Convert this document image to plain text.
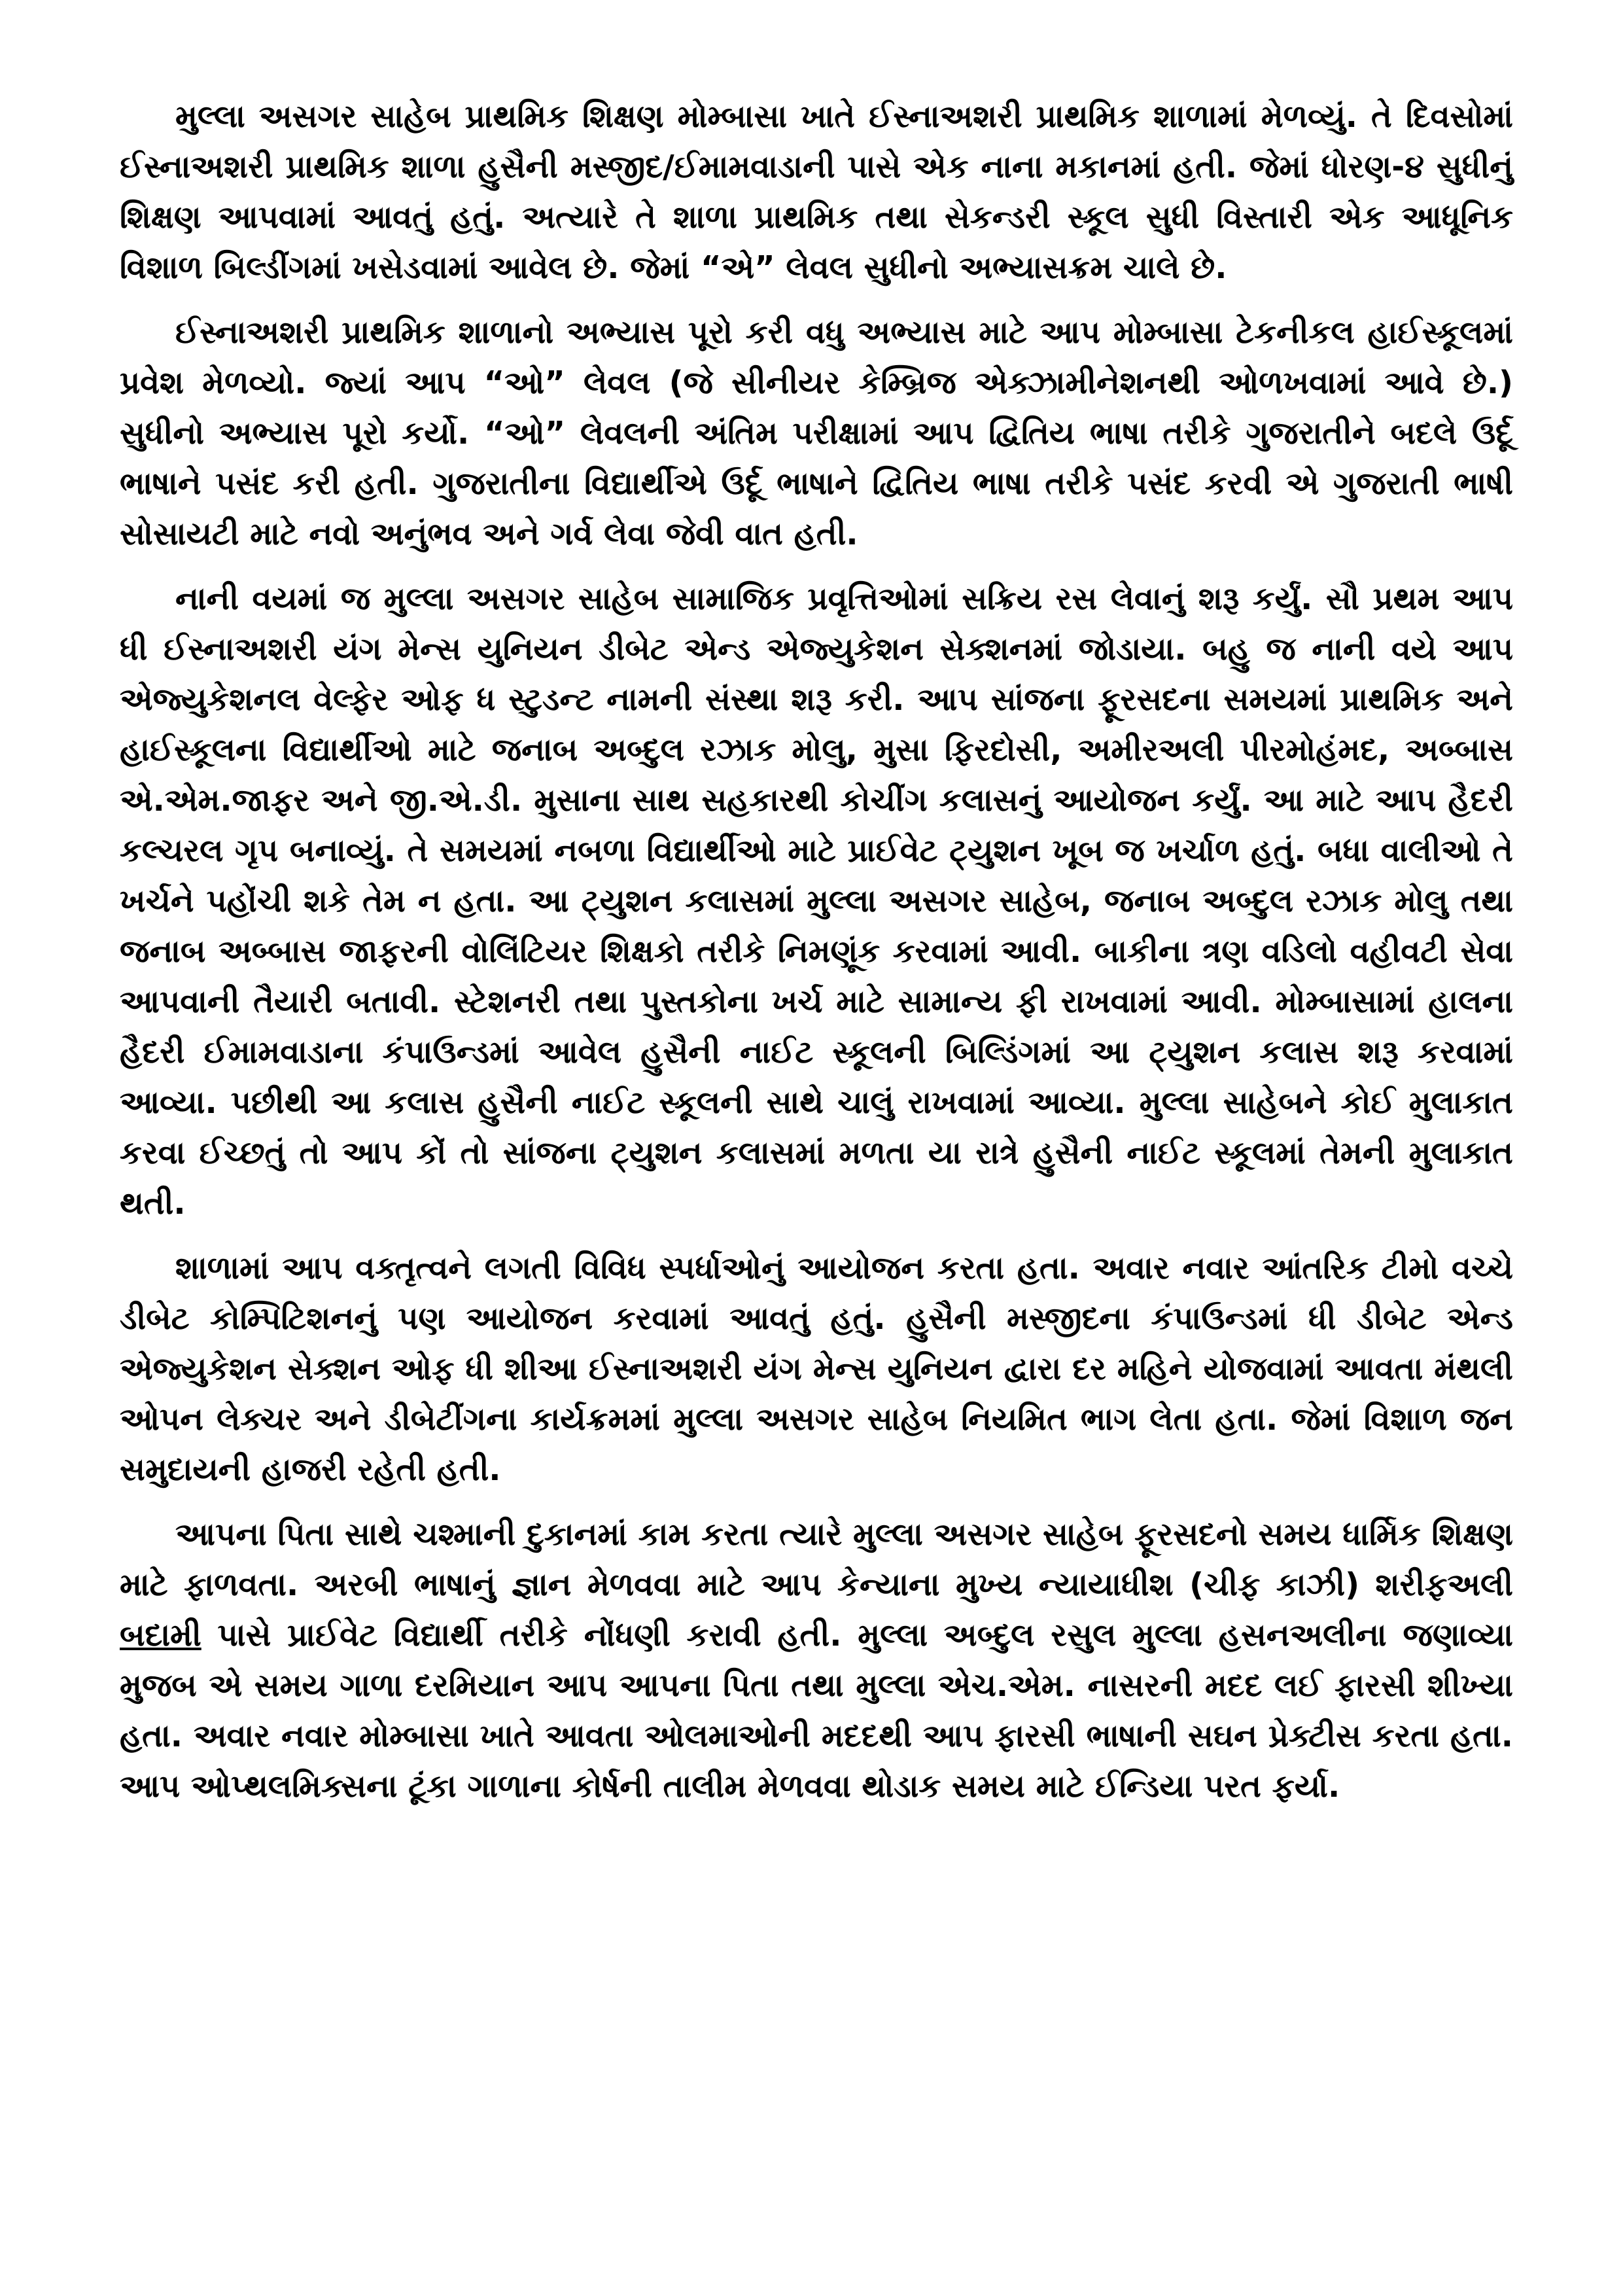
મુલ્લા અસગર સાહેબ પ્રાથમિક શિક્ષણ મોમ્બાસા ખાતે ઈસ્નાઅશરી પ્રાથમિક શાળામાં મેળવ્યું. તે દિવસોમાં ઈસ્નાઅશરી પ્રાથમિક શાળા હુસૈની મસ્જીદ/ઈમામવાડાની પાસે એક નાના મકાનમાં હતી. જેમાં ધોરણ-૪ સુધીનું શિક્ષણ આપવામાં આવતું હતું. અત્યારે તે શાળા પ્રાથમિક તથા સેકન્ડરી સ્કૂલ સુધી વિસ્તારી એક આધૂનિક વિશાળ બિલ્ડીંગમાં ખસેડવામાં આવેલ છે. જેમાં “એ” લેવલ સુધીનો અભ્યાસક્રમ ચાલે છે.

ઈસ્નાઅશરી પ્રાથમિક શાળાનો અભ્યાસ પૂરો કરી વધુ અભ્યાસ માટે આપ મોમ્બાસા ટેકનીકલ હાઈસ્કૂલમાં પ્રવેશ મેળવ્યો. જ્યાં આપ “ઓ” લેવલ (જે સીનીયર કેમ્બ્રિજ એક્ઝામીનેશનથી ઓળખવામાં આવે છે.) સુધીનો અભ્યાસ પૂરો કર્યો. “ઓ” લેવલની અંતિમ પરીક્ષામાં આપ દ્વિતિય ભાષા તરીકે ગુજરાતીને બદલે ઉર્દૂ ભાષાને પસંદ કરી હતી. ગુજરાતીના વિદ્યાર્થીએ ઉર્દૂ ભાષાને દ્વિતિય ભાષા તરીકે પસંદ કરવી એ ગુજરાતી ભાષી સોસાયટી માટે નવો અનુંભવ અને ગર્વ લેવા જેવી વાત હતી.

નાની વયમાં જ મુલ્લા અસગર સાહેબ સામાજિક પ્રવૃત્તિઓમાં સક્રિય રસ લેવાનું શરૂ કર્યું. સૌ પ્રથમ આપ ધી ઈસ્નાઅશરી યંગ મેન્સ યુનિયન ડીબેટ એન્ડ એજ્યુકેશન સેક્શનમાં જોડાયા. બહુ જ નાની વયે આપ એજ્યુકેશનલ વેલ્ફેર ઓફ ધ સ્ટુડન્ટ નામની સંસ્થા શરૂ કરી. આપ સાંજના ફૂરસદના સમયમાં પ્રાથમિક અને હાઈસ્કૂલના વિદ્યાર્થીઓ માટે જનાબ અબ્દુલ રઝાક મોલુ, મુસા ફિરદોસી, અમીરઅલી પીરમોહંમદ, અબ્બાસ એ.એમ.જાફર અને જી.એ.ડી. મુસાના સાથ સહકારથી કોચીંગ કલાસનું આયોજન કર્યું. આ માટે આપ હૈદરી કલ્ચરલ ગૃપ બનાવ્યું. તે સમયમાં નબળા વિદ્યાર્થીઓ માટે પ્રાઈવેટ ટ્યુશન ખૂબ જ ખર્ચાળ હતું. બધા વાલીઓ તે ખર્ચને પહોંચી શકે તેમ ન હતા. આ ટ્યુશન કલાસમાં મુલ્લા અસગર સાહેબ, જનાબ અબ્દુલ રઝાક મોલુ તથા જનાબ અબ્બાસ જાફરની વોલિંટિયર શિક્ષકો તરીકે નિમણૂંક કરવામાં આવી. બાકીના ત્રણ વડિલો વહીવટી સેવા આપવાની તૈયારી બતાવી. સ્ટેશનરી તથા પુસ્તકોના ખર્ચ માટે સામાન્ય ફી રાખવામાં આવી. મોમ્બાસામાં હાલના હૈદરી ઈમામવાડાના કંપાઉન્ડમાં આવેલ હુસૈની નાઈટ સ્કૂલની બિલ્ડિંગમાં આ ટ્યુશન કલાસ શરૂ કરવામાં આવ્યા. પછીથી આ કલાસ હુસૈની નાઈટ સ્કૂલની સાથે ચાલું રાખવામાં આવ્યા. મુલ્લા સાહેબને કોઈ મુલાકાત કરવા ઈચ્છતું તો આપ કોં તો સાંજના ટ્યુશન કલાસમાં મળતા યા રાત્રે હુસૈની નાઈટ સ્કૂલમાં તેમની મુલાકાત થતી.

શાળામાં આપ વક્તૃત્વને લગતી વિવિધ સ્પર્ધાઓનું આયોજન કરતા હતા. અવાર નવાર આંતરિક ટીમો વચ્ચે ડીબેટ કોમ્પિટિશનનું પણ આયોજન કરવામાં આવતું હતું. હુસૈની મસ્જીદના કંપાઉન્ડમાં ધી ડીબેટ એન્ડ એજ્યુકેશન સેક્શન ઓફ ધી શીઆ ઈસ્નાઅશરી યંગ મેન્સ યુનિયન દ્વારા દર મહિને યોજવામાં આવતા મંથલી ઓપન લેક્ચર અને ડીબેટીંગના કાર્યક્રમમાં મુલ્લા અસગર સાહેબ નિયમિત ભાગ લેતા હતા. જેમાં વિશાળ જન સમુદાયની હાજરી રહેતી હતી.

આપના પિતા સાથે ચશ્માની દુકાનમાં કામ કરતા ત્યારે મુલ્લા અસગર સાહેબ ફૂરસદનો સમય ધાર્મિક શિક્ષણ માટે ફાળવતા. અરબી ભાષાનું જ્ઞાન મેળવવા માટે આપ કેન્યાના મુખ્ય ન્યાયાધીશ (ચીફ કાઝી) શરીફઅલી બદામી પાસે પ્રાઈવેટ વિદ્યાર્થી તરીકે નોંધણી કરાવી હતી. મુલ્લા અબ્દુલ રસુલ મુલ્લા હસનઅલીના જણાવ્યા મુજબ એ સમય ગાળા દરમિયાન આપ આપના પિતા તથા મુલ્લા એચ.એમ. નાસરની મદદ લઈ ફારસી શીખ્યા હતા. અવાર નવાર મોમ્બાસા ખાતે આવતા ઓલમાઓની મદદથી આપ ફારસી ભાષાની સઘન પ્રેક્ટીસ કરતા હતા. આપ ઓપ્થલમિક્સના ટૂંકા ગાળાના કોર્ષની તાલીમ મેળવવા થોડાક સમય માટે ઈન્ડિયા પરત ફર્યા.
